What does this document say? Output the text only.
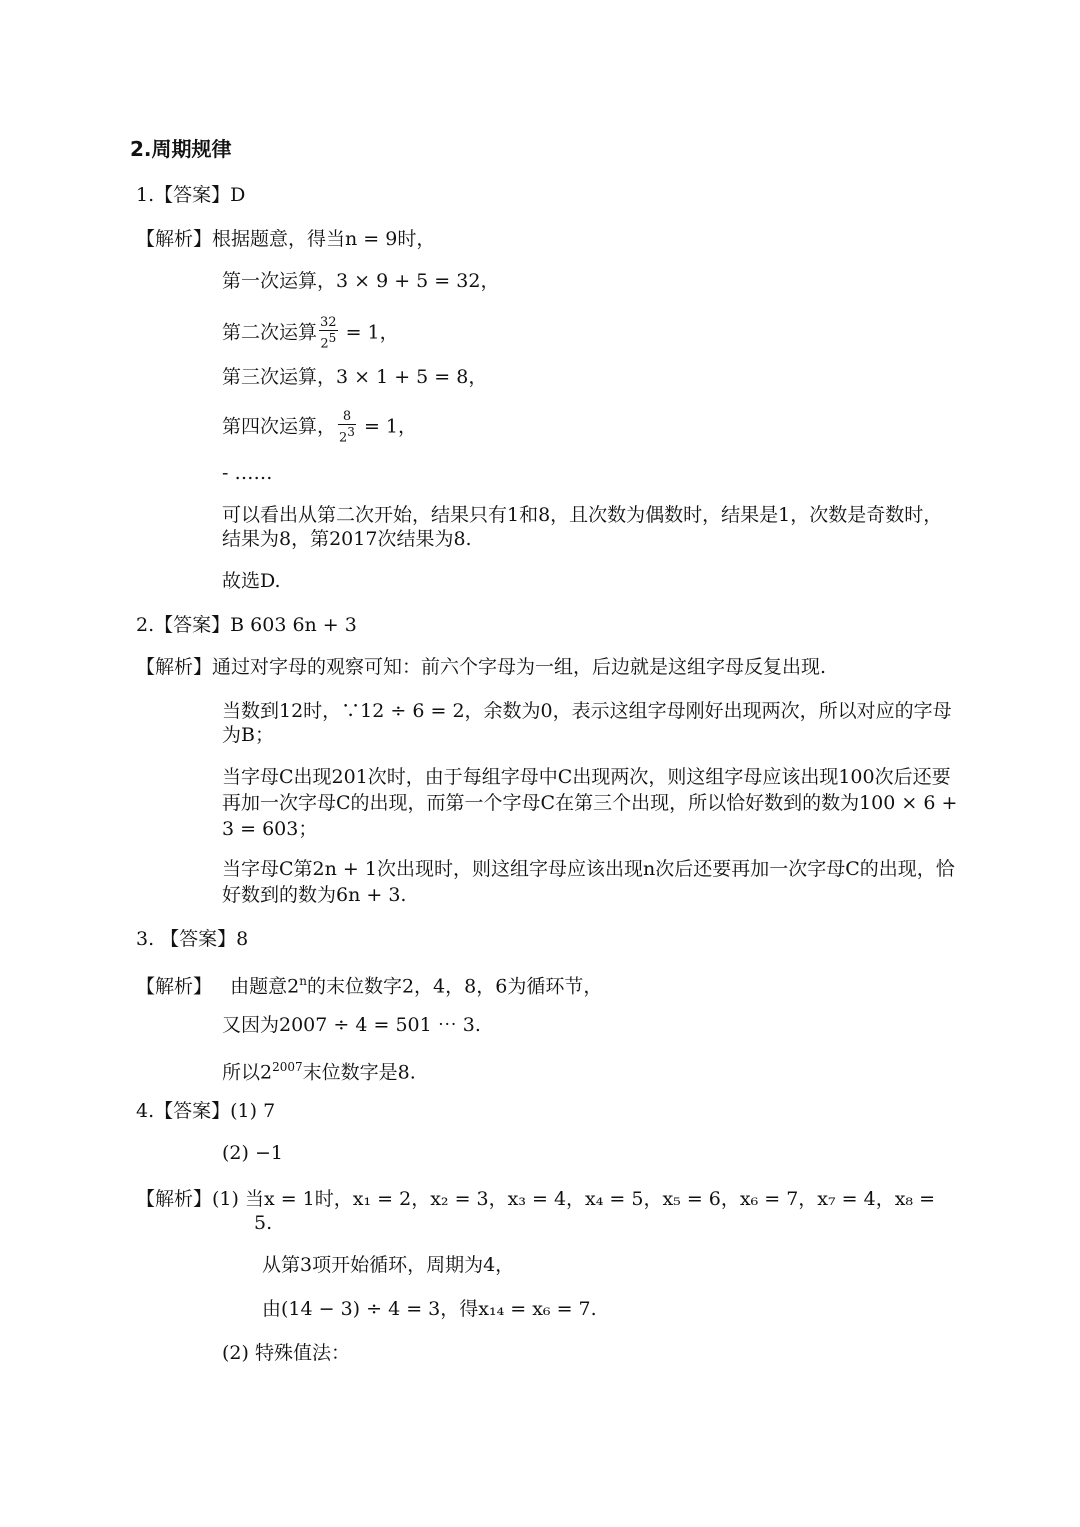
2.周期规律
1.【答案】D
【解析】根据题意，得当n = 9时，
第一次运算，3 × 9 + 5 = 32，
第二次运算 $\frac{32}{2^5} = 1$，
第三次运算，3 × 1 + 5 = 8，
第四次运算， $\frac{8}{2^3} = 1$，
- ……
可以看出从第二次开始，结果只有1和8，且次数为偶数时，结果是1，次数是奇数时，
结果为8，第2017次结果为8.
故选D.
2.【答案】B 603 6n + 3
【解析】通过对字母的观察可知：前六个字母为一组，后边就是这组字母反复出现.
当数到12时，∵12 ÷ 6 = 2，余数为0，表示这组字母刚好出现两次，所以对应的字母
为B；
当字母C出现201次时，由于每组字母中C出现两次，则这组字母应该出现100次后还要
再加一次字母C的出现，而第一个字母C在第三个出现，所以恰好数到的数为100 × 6 +
3 = 603；
当字母C第2n + 1次出现时，则这组字母应该出现n次后还要再加一次字母C的出现，恰
好数到的数为6n + 3.
3. 【答案】8
【解析】 由题意2$^n$的末位数字2，4，8，6为循环节，
又因为2007 ÷ 4 = 501 ⋯ 3.
所以$2^{2007}$末位数字是8.
4.【答案】(1) 7
(2) −1
【解析】(1) 当x = 1时，x₁ = 2，x₂ = 3，x₃ = 4，x₄ = 5，x₅ = 6，x₆ = 7，x₇ = 4，x₈ =
5.
从第3项开始循环，周期为4，
由(14 − 3) ÷ 4 = 3，得x₁₄ = x₆ = 7.
(2) 特殊值法：
